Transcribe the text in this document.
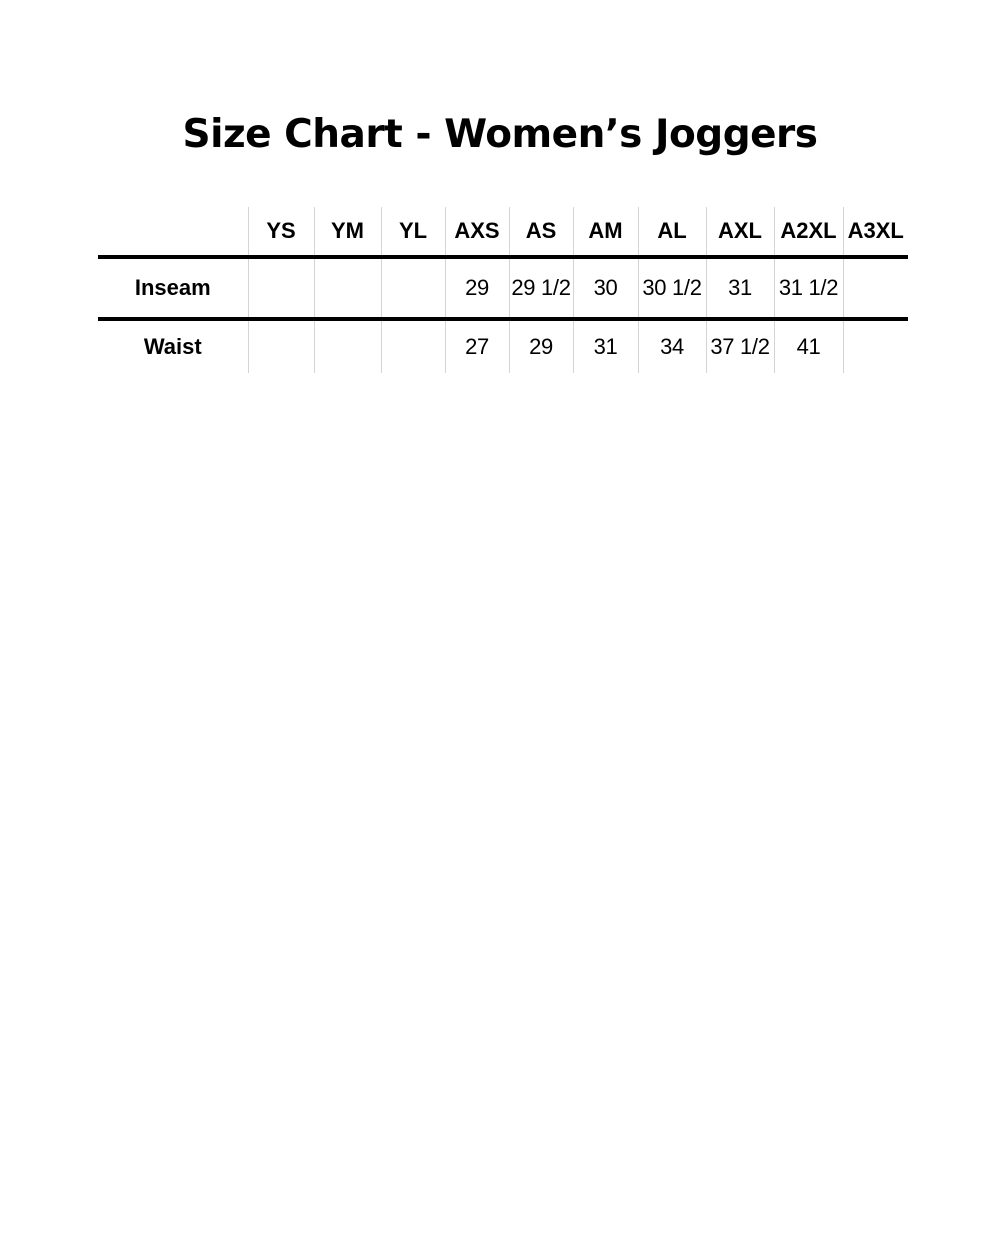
Size Chart - Women’s Joggers
	YS	YM	YL	AXS	AS	AM	AL	AXL	A2XL	A3XL
Inseam				29	29 1/2	30	30 1/2	31	31 1/2	
Waist				27	29	31	34	37 1/2	41	
